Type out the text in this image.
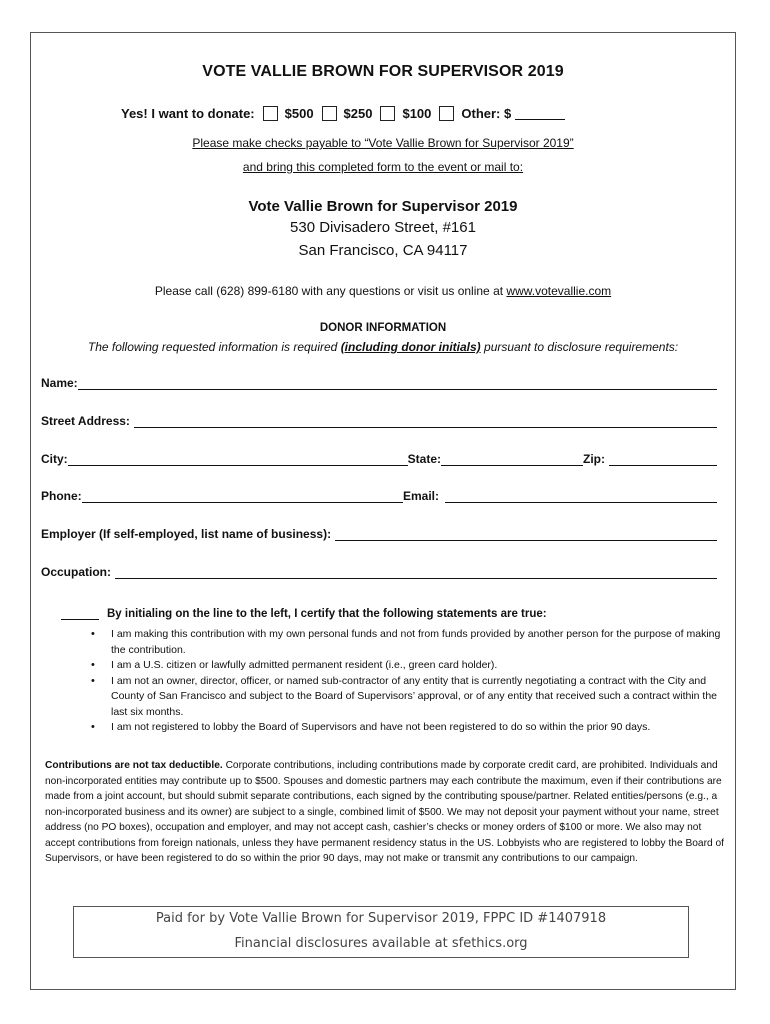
VOTE VALLIE BROWN FOR SUPERVISOR 2019
Yes! I want to donate: $500 $250 $100 Other: $
Please make checks payable to “Vote Vallie Brown for Supervisor 2019”
and bring this completed form to the event or mail to:
Vote Vallie Brown for Supervisor 2019
530 Divisadero Street, #161
San Francisco, CA 94117
Please call (628) 899-6180 with any questions or visit us online at www.votevallie.com
DONOR INFORMATION
The following requested information is required (including donor initials) pursuant to disclosure requirements:
Name:
Street Address:
City:	State:	Zip:
Phone:	Email:
Employer (If self-employed, list name of business):
Occupation:
By initialing on the line to the left, I certify that the following statements are true:
• I am making this contribution with my own personal funds and not from funds provided by another person for the purpose of making the contribution.
• I am a U.S. citizen or lawfully admitted permanent resident (i.e., green card holder).
• I am not an owner, director, officer, or named sub-contractor of any entity that is currently negotiating a contract with the City and County of San Francisco and subject to the Board of Supervisors’ approval, or of any entity that received such a contract within the last six months.
• I am not registered to lobby the Board of Supervisors and have not been registered to do so within the prior 90 days.
Contributions are not tax deductible. Corporate contributions, including contributions made by corporate credit card, are prohibited. Individuals and non-incorporated entities may contribute up to $500. Spouses and domestic partners may each contribute the maximum, even if their contributions are made from a joint account, but should submit separate contributions, each signed by the contributing spouse/partner. Related entities/persons (e.g., a non-incorporated business and its owner) are subject to a single, combined limit of $500. We may not deposit your payment without your name, street address (no PO boxes), occupation and employer, and may not accept cash, cashier’s checks or money orders of $100 or more. We also may not accept contributions from foreign nationals, unless they have permanent residency status in the US. Lobbyists who are registered to lobby the Board of Supervisors, or have been registered to do so within the prior 90 days, may not make or transmit any contributions to our campaign.
Paid for by Vote Vallie Brown for Supervisor 2019, FPPC ID #1407918
Financial disclosures available at sfethics.org
